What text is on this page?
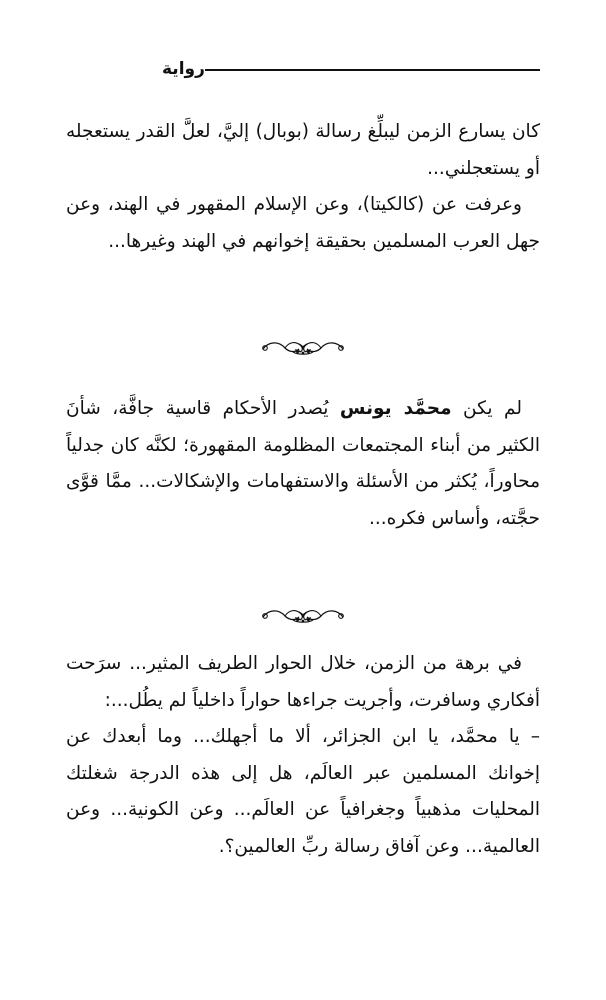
رواية

كان يسارع الزمن ليبلِّغ رسالة (بوبال) إليَّ، لعلَّ القدر يستعجله أو يستعجلني...

وعرفت عن (كالكيتا)، وعن الإسلام المقهور في الهند، وعن جهل العرب المسلمين بحقيقة إخوانهم في الهند وغيرها...

لم يكن محمَّد يونس يُصدر الأحكام قاسية جافَّة، شأنَ الكثير من أبناء المجتمعات المظلومة المقهورة؛ لكنَّه كان جدلياً محاوراً، يُكثر من الأسئلة والاستفهامات والإشكالات... ممَّا قوَّى حجَّته، وأساس فكره...

في برهة من الزمن، خلال الحوار الطريف المثير... سرَحت أفكاري وسافرت، وأجريت جراءها حواراً داخلياً لم يطُل...:

– يا محمَّد، يا ابن الجزائر، ألا ما أجهلك... وما أبعدك عن إخوانك المسلمين عبر العالَم، هل إلى هذه الدرجة شغلتك المحليات مذهبياً وجغرافياً عن العالَم... وعن الكونية... وعن العالمية... وعن آفاق رسالة ربِّ العالمين؟.
